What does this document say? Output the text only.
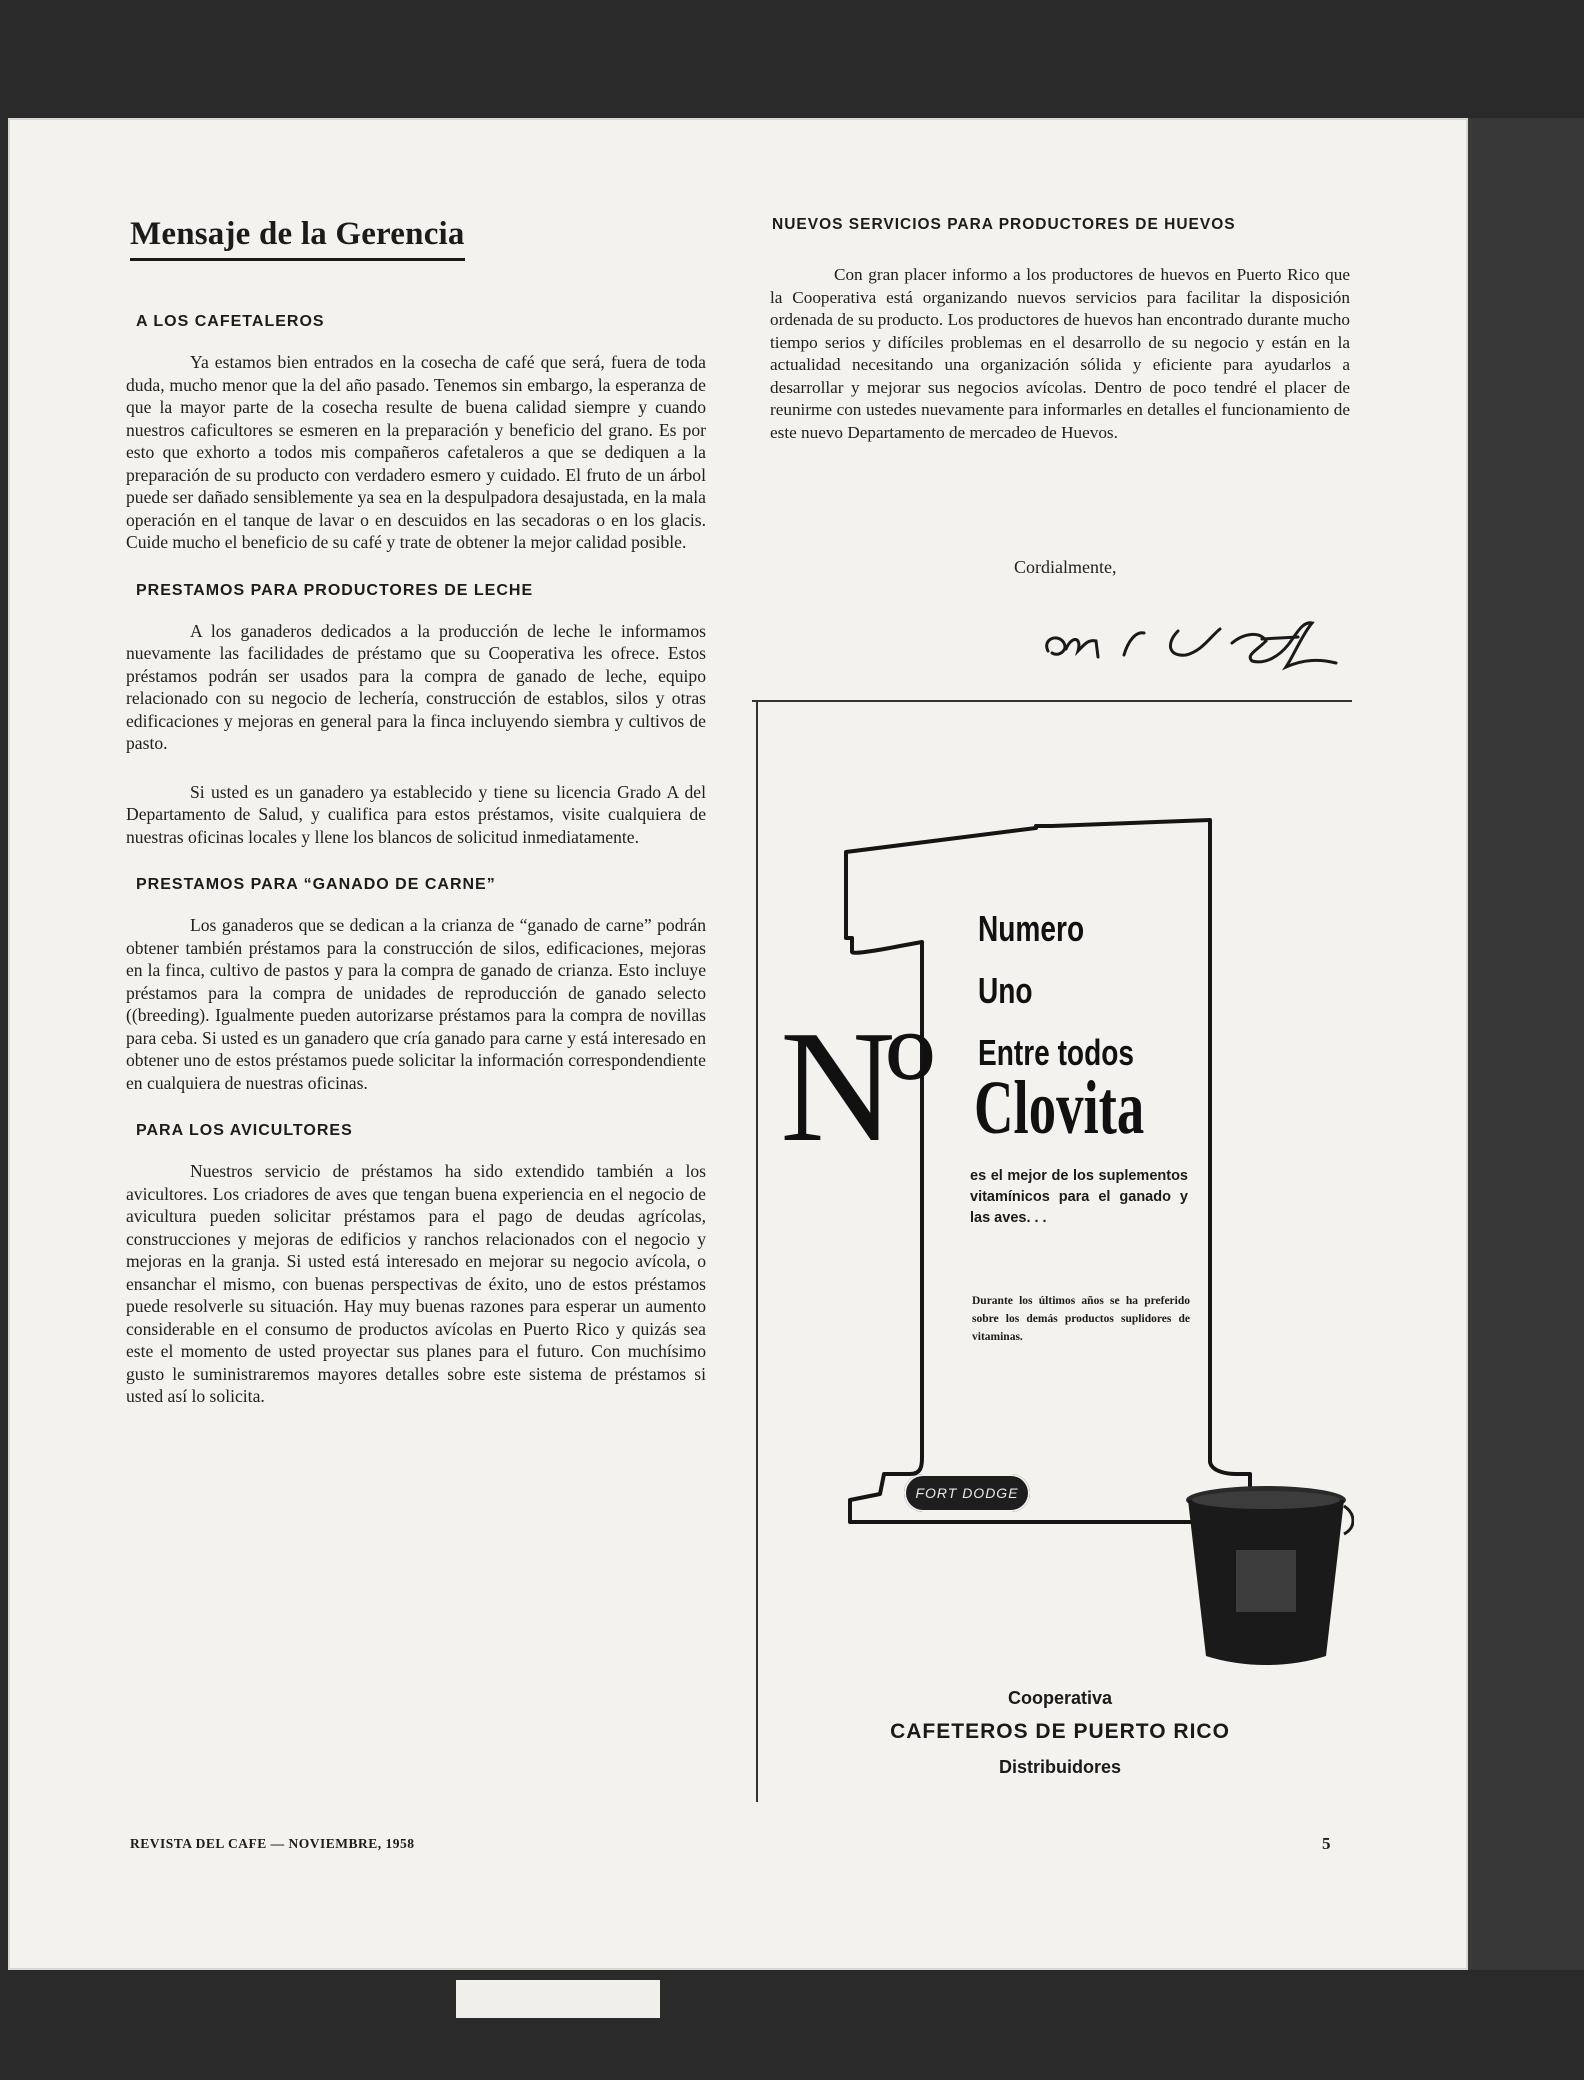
Mensaje de la Gerencia
A LOS CAFETALEROS

Ya estamos bien entrados en la cosecha de café que será, fuera de toda duda, mucho menor que la del año pasado. Tenemos sin embargo, la esperanza de que la mayor parte de la cosecha resulte de buena calidad siempre y cuando nuestros caficultores se esmeren en la preparación y beneficio del grano. Es por esto que exhorto a todos mis compañeros cafetaleros a que se dediquen a la preparación de su producto con verdadero esmero y cuidado. El fruto de un árbol puede ser dañado sensiblemente ya sea en la despulpadora desajustada, en la mala operación en el tanque de lavar o en descuidos en las secadoras o en los glacis. Cuide mucho el beneficio de su café y trate de obtener la mejor calidad posible.

PRESTAMOS PARA PRODUCTORES DE LECHE

A los ganaderos dedicados a la producción de leche le informamos nuevamente las facilidades de préstamo que su Cooperativa les ofrece. Estos préstamos podrán ser usados para la compra de ganado de leche, equipo relacionado con su negocio de lechería, construcción de establos, silos y otras edificaciones y mejoras en general para la finca incluyendo siembra y cultivos de pasto.

Si usted es un ganadero ya establecido y tiene su licencia Grado A del Departamento de Salud, y cualifica para estos préstamos, visite cualquiera de nuestras oficinas locales y llene los blancos de solicitud inmediatamente.

PRESTAMOS PARA “GANADO DE CARNE”

Los ganaderos que se dedican a la crianza de “ganado de carne” podrán obtener también préstamos para la construcción de silos, edificaciones, mejoras en la finca, cultivo de pastos y para la compra de ganado de crianza. Esto incluye préstamos para la compra de unidades de reproducción de ganado selecto ((breeding). Igualmente pueden autorizarse préstamos para la compra de novillas para ceba. Si usted es un ganadero que cría ganado para carne y está interesado en obtener uno de estos préstamos puede solicitar la información correspondendiente en cualquiera de nuestras oficinas.

PARA LOS AVICULTORES

Nuestros servicio de préstamos ha sido extendido también a los avicultores. Los criadores de aves que tengan buena experiencia en el negocio de avicultura pueden solicitar préstamos para el pago de deudas agrícolas, construcciones y mejoras de edificios y ranchos relacionados con el negocio y mejoras en la granja. Si usted está interesado en mejorar su negocio avícola, o ensanchar el mismo, con buenas perspectivas de éxito, uno de estos préstamos puede resolverle su situación. Hay muy buenas razones para esperar un aumento considerable en el consumo de productos avícolas en Puerto Rico y quizás sea este el momento de usted proyectar sus planes para el futuro. Con muchísimo gusto le suministraremos mayores detalles sobre este sistema de préstamos si usted así lo solicita.

NUEVOS SERVICIOS PARA PRODUCTORES DE HUEVOS

Con gran placer informo a los productores de huevos en Puerto Rico que la Cooperativa está organizando nuevos servicios para facilitar la disposición ordenada de su producto. Los productores de huevos han encontrado durante mucho tiempo serios y difíciles problemas en el desarrollo de su negocio y están en la actualidad necesitando una organización sólida y eficiente para ayudarlos a desarrollar y mejorar sus negocios avícolas. Dentro de poco tendré el placer de reunirme con ustedes nuevamente para informarles en detalles el funcionamiento de este nuevo Departamento de mercadeo de Huevos.

Cordialmente,
Nº
Numero Uno
Entre todos
Clovita

es el mejor de los suplementos vitamínicos para el ganado y las aves. . .

Durante los últimos años se ha preferido sobre los demás productos suplidores de vitaminas.

FORT DODGE
Cooperativa
CAFETEROS DE PUERTO RICO
Distribuidores
REVISTA DEL CAFE — NOVIEMBRE, 1958	5
